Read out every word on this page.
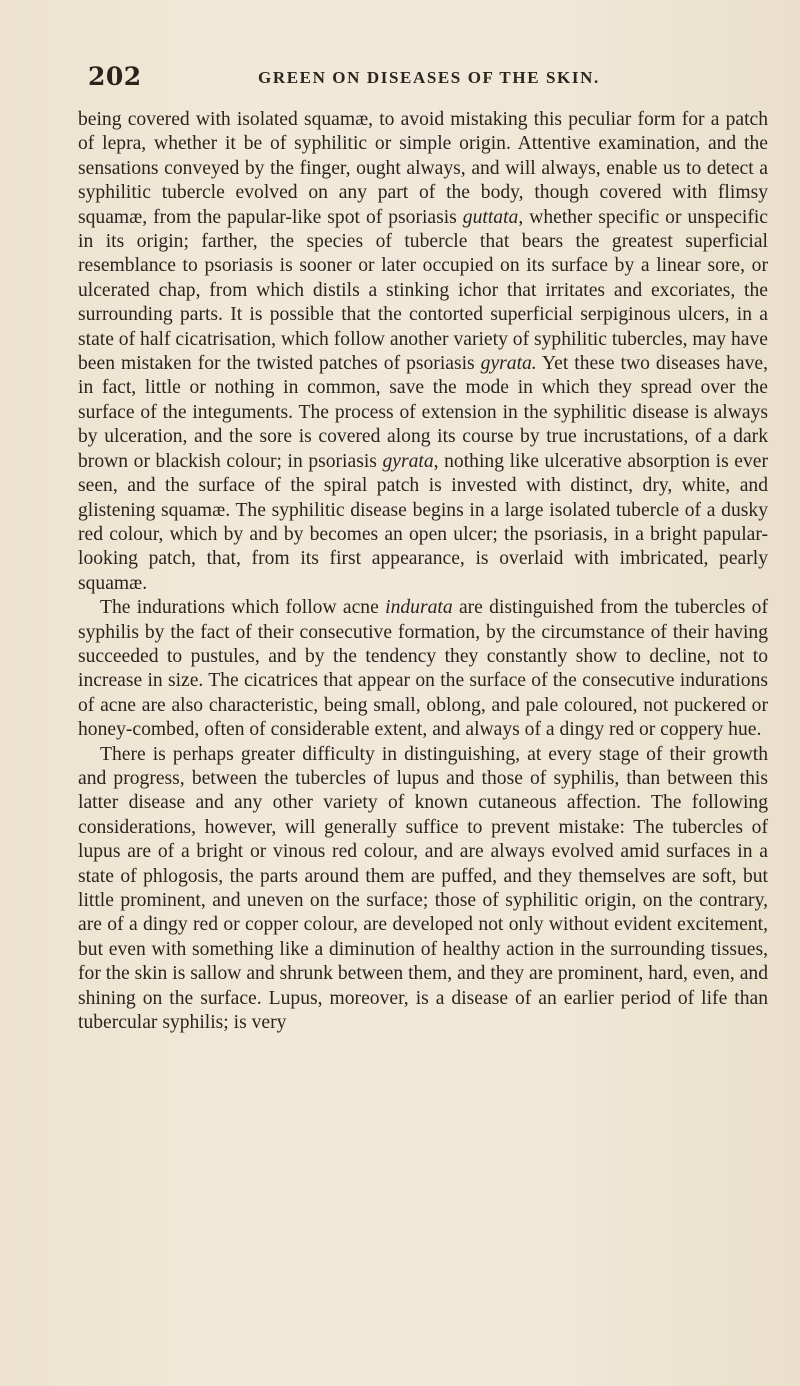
202	GREEN ON DISEASES OF THE SKIN.

being covered with isolated squamæ, to avoid mistaking this peculiar form for a patch of lepra, whether it be of syphilitic or simple origin. Attentive examination, and the sensations conveyed by the finger, ought always, and will always, enable us to detect a syphilitic tubercle evolved on any part of the body, though covered with flimsy squamæ, from the papular-like spot of psoriasis guttata, whether specific or unspecific in its origin; farther, the species of tubercle that bears the greatest superficial resemblance to psoriasis is sooner or later occupied on its surface by a linear sore, or ulcerated chap, from which distils a stinking ichor that irritates and excoriates, the surrounding parts. It is possible that the contorted superficial serpiginous ulcers, in a state of half cicatrisation, which follow another variety of syphilitic tubercles, may have been mistaken for the twisted patches of psoriasis gyrata. Yet these two diseases have, in fact, little or nothing in common, save the mode in which they spread over the surface of the integuments. The process of extension in the syphilitic disease is always by ulceration, and the sore is covered along its course by true incrustations, of a dark brown or blackish colour; in psoriasis gyrata, nothing like ulcerative absorption is ever seen, and the surface of the spiral patch is invested with distinct, dry, white, and glistening squamæ. The syphilitic disease begins in a large isolated tubercle of a dusky red colour, which by and by becomes an open ulcer; the psoriasis, in a bright papular-looking patch, that, from its first appearance, is overlaid with imbricated, pearly squamæ.

The indurations which follow acne indurata are distinguished from the tubercles of syphilis by the fact of their consecutive formation, by the circumstance of their having succeeded to pustules, and by the tendency they constantly show to decline, not to increase in size. The cicatrices that appear on the surface of the consecutive indurations of acne are also characteristic, being small, oblong, and pale coloured, not puckered or honey-combed, often of considerable extent, and always of a dingy red or coppery hue.

There is perhaps greater difficulty in distinguishing, at every stage of their growth and progress, between the tubercles of lupus and those of syphilis, than between this latter disease and any other variety of known cutaneous affection. The following considerations, however, will generally suffice to prevent mistake: The tubercles of lupus are of a bright or vinous red colour, and are always evolved amid surfaces in a state of phlogosis, the parts around them are puffed, and they themselves are soft, but little prominent, and uneven on the surface; those of syphilitic origin, on the contrary, are of a dingy red or copper colour, are developed not only without evident excitement, but even with something like a diminution of healthy action in the surrounding tissues, for the skin is sallow and shrunk between them, and they are prominent, hard, even, and shining on the surface. Lupus, moreover, is a disease of an earlier period of life than tubercular syphilis; is very
